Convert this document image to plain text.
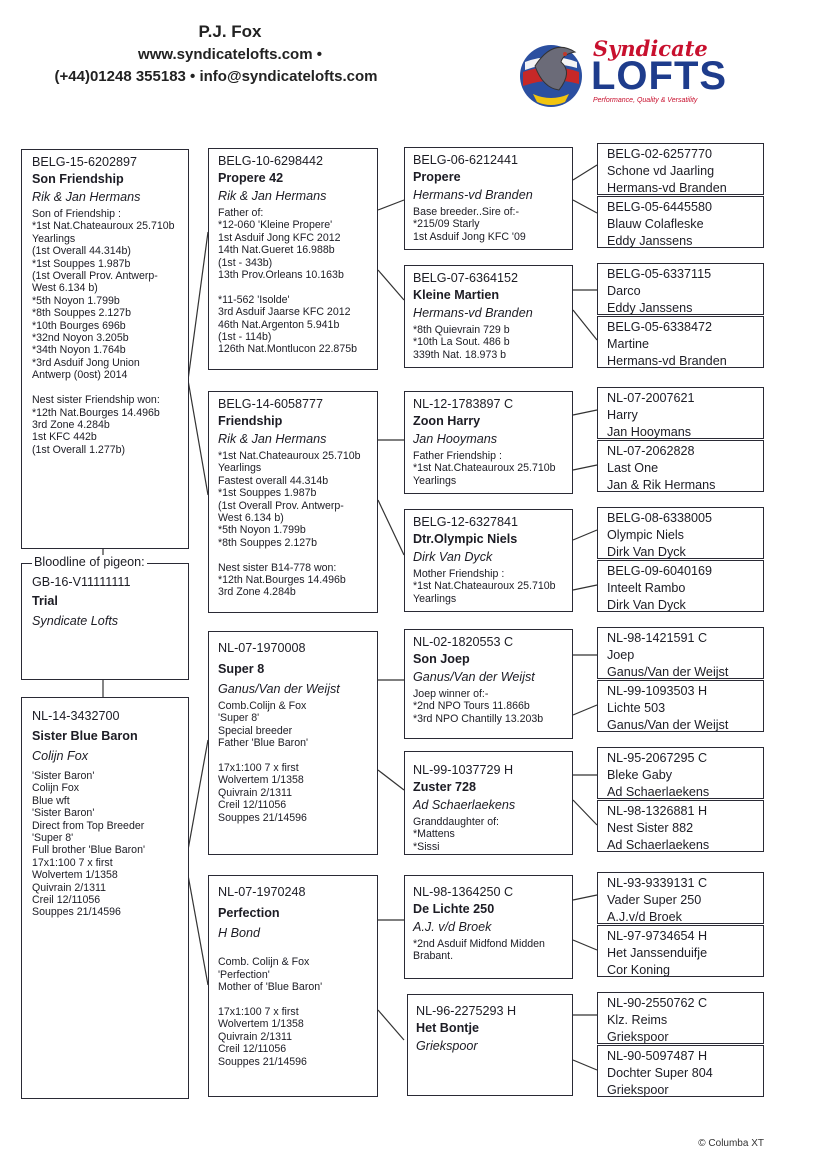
P.J. Fox
www.syndicatelofts.com •
(+44)01248 355183 • info@syndicatelofts.com
Syndicate
LOFTS
Performance, Quality & Versatility
BELG-15-6202897
Son Friendship
Rik & Jan Hermans
Son of Friendship :
*1st Nat.Chateauroux 25.710b
Yearlings
(1st Overall 44.314b)
*1st Souppes 1.987b
(1st Overall Prov. Antwerp-
West 6.134 b)
*5th Noyon 1.799b
*8th Souppes 2.127b
*10th Bourges 696b
*32nd Noyon 3.205b
*34th Noyon 1.764b
*3rd Asduif Jong Union
Antwerp (0ost) 2014

Nest sister Friendship won:
*12th Nat.Bourges 14.496b
3rd Zone 4.284b
1st KFC 442b
(1st Overall 1.277b)
Bloodline of pigeon:
GB-16-V11111111
Trial
Syndicate Lofts
NL-14-3432700
Sister Blue Baron
Colijn Fox
'Sister Baron'
Colijn Fox
Blue wft
'Sister Baron'
Direct from Top Breeder
'Super 8'
Full brother 'Blue Baron'
17x1:100 7 x first
Wolvertem 1/1358
Quivrain 2/1311
Creil 12/11056
Souppes 21/14596
BELG-10-6298442
Propere 42
Rik & Jan Hermans
Father of:
*12-060 'Kleine Propere'
1st Asduif Jong KFC 2012
14th Nat.Gueret 16.988b
(1st - 343b)
13th Prov.Orleans 10.163b

*11-562 'Isolde'
3rd Asduif Jaarse KFC 2012
46th Nat.Argenton 5.941b
(1st - 114b)
126th Nat.Montlucon 22.875b
BELG-14-6058777
Friendship
Rik & Jan Hermans
*1st Nat.Chateauroux 25.710b
Yearlings
Fastest overall 44.314b
*1st Souppes 1.987b
(1st Overall Prov. Antwerp-
West 6.134 b)
*5th Noyon 1.799b
*8th Souppes 2.127b

Nest sister B14-778 won:
*12th Nat.Bourges 14.496b
3rd Zone 4.284b
NL-07-1970008
Super 8
Ganus/Van der Weijst
Comb.Colijn & Fox
'Super 8'
Special breeder
Father 'Blue Baron'

17x1:100 7 x first
Wolvertem 1/1358
Quivrain 2/1311
Creil 12/11056
Souppes 21/14596
NL-07-1970248
Perfection
H Bond

Comb. Colijn & Fox
'Perfection'
Mother of 'Blue Baron'

17x1:100 7 x first
Wolvertem 1/1358
Quivrain 2/1311
Creil 12/11056
Souppes 21/14596
BELG-06-6212441
Propere
Hermans-vd Branden
Base breeder..Sire of:-
*215/09 Starly
1st Asduif Jong KFC '09
BELG-07-6364152
Kleine Martien
Hermans-vd Branden
*8th Quievrain 729 b
*10th La Sout. 486 b
339th Nat. 18.973 b
NL-12-1783897 C
Zoon Harry
Jan Hooymans
Father Friendship :
*1st Nat.Chateauroux 25.710b
Yearlings
BELG-12-6327841
Dtr.Olympic Niels
Dirk Van Dyck
Mother Friendship :
*1st Nat.Chateauroux 25.710b
Yearlings
NL-02-1820553 C
Son Joep
Ganus/Van der Weijst
Joep winner of:-
*2nd NPO Tours 11.866b
*3rd NPO Chantilly 13.203b
NL-99-1037729 H
Zuster 728
Ad Schaerlaekens
Granddaughter of:
*Mattens
*Sissi
NL-98-1364250 C
De Lichte 250
A.J. v/d Broek
*2nd Asduif Midfond Midden
Brabant.
NL-96-2275293 H
Het Bontje
Griekspoor
BELG-02-6257770
Schone vd Jaarling
Hermans-vd Branden
BELG-05-6445580
Blauw Colafleske
Eddy Janssens
BELG-05-6337115
Darco
Eddy Janssens
BELG-05-6338472
Martine
Hermans-vd Branden
NL-07-2007621
Harry
Jan Hooymans
NL-07-2062828
Last One
Jan & Rik Hermans
BELG-08-6338005
Olympic Niels
Dirk Van Dyck
BELG-09-6040169
Inteelt Rambo
Dirk Van Dyck
NL-98-1421591 C
Joep
Ganus/Van der Weijst
NL-99-1093503 H
Lichte 503
Ganus/Van der Weijst
NL-95-2067295 C
Bleke Gaby
Ad Schaerlaekens
NL-98-1326881 H
Nest Sister 882
Ad Schaerlaekens
NL-93-9339131 C
Vader Super 250
A.J.v/d Broek
NL-97-9734654 H
Het Janssenduifje
Cor Koning
NL-90-2550762 C
Klz. Reims
Griekspoor
NL-90-5097487 H
Dochter Super 804
Griekspoor
© Columba XT
